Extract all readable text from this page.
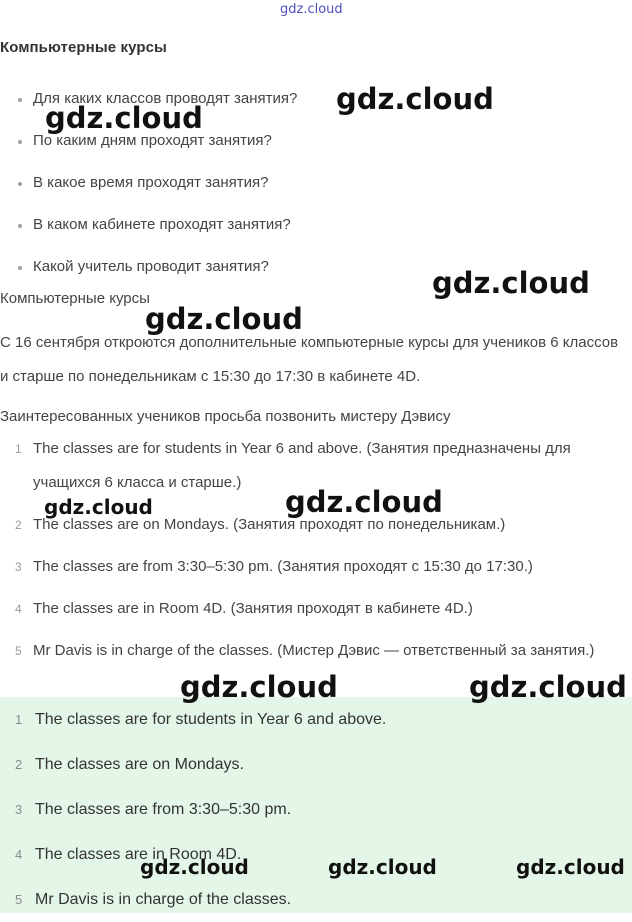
Компьютерные курсы
Для каких классов проводят занятия?
По каким дням проходят занятия?
В какое время проходят занятия?
В каком кабинете проходят занятия?
Какой учитель проводит занятия?
Компьютерные курсы
С 16 сентября откроются дополнительные компьютерные курсы для учеников 6 классов и старше по понедельникам с 15:30 до 17:30 в кабинете 4D.
Заинтересованных учеников просьба позвонить мистеру Дэвису
1 The classes are for students in Year 6 and above. (Занятия предназначены для учащихся 6 класса и старше.)
2 The classes are on Mondays. (Занятия проходят по понедельникам.)
3 The classes are from 3:30–5:30 pm. (Занятия проходят с 15:30 до 17:30.)
4 The classes are in Room 4D. (Занятия проходят в кабинете 4D.)
5 Mr Davis is in charge of the classes. (Мистер Дэвис — ответственный за занятия.)
1 The classes are for students in Year 6 and above.
2 The classes are on Mondays.
3 The classes are from 3:30–5:30 pm.
4 The classes are in Room 4D.
5 Mr Davis is in charge of the classes.
gdz.cloud
gdz.cloud
gdz.cloud
gdz.cloud
gdz.cloud
gdz.cloud	gdz.cloud
gdz.cloud	gdz.cloud
gdz.cloud	gdz.cloud	gdz.cloud
